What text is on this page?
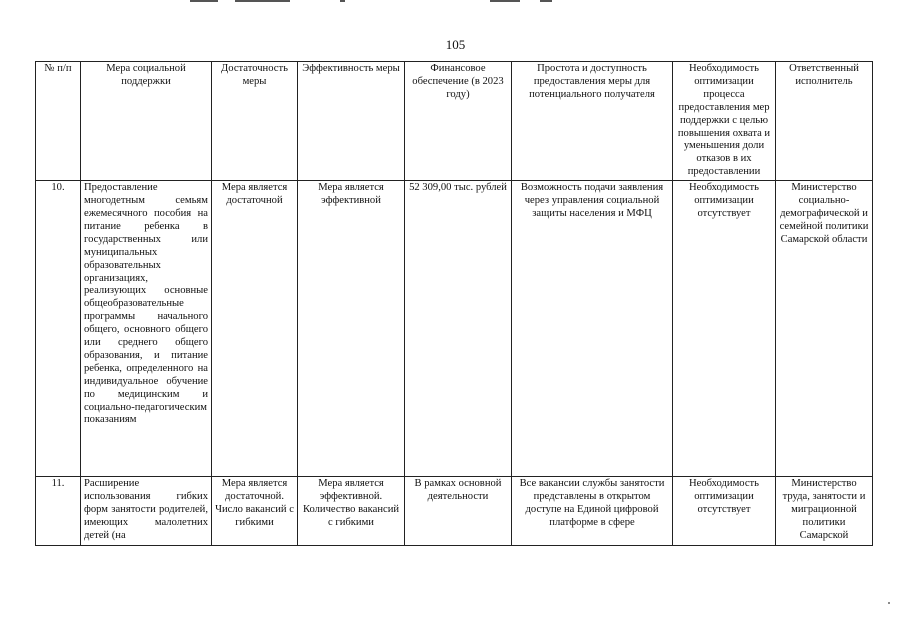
105
№ п/п	Мера социальной поддержки	Достаточность меры	Эффективность меры	Финансовое обеспечение (в 2023 году)	Простота и доступность предоставления меры для потенциального получателя	Необходимость оптимизации процесса предоставления мер поддержки с целью повышения охвата и уменьшения доли отказов в их предоставлении	Ответственный исполнитель
10.	Предоставление многодетным семьям ежемесячного пособия на питание ребенка в государственных или муниципальных образовательных организациях, реализующих основные общеобразовательные программы начального общего, основного общего или среднего общего образования, и питание ребенка, определенного на индивидуальное обучение по медицинским и социально-педагогическим показаниям	Мера является достаточной	Мера является эффективной	52 309,00 тыс. рублей	Возможность подачи заявления через управления социальной защиты населения и МФЦ	Необходимость оптимизации отсутствует	Министерство социально-демографической и семейной политики Самарской области

11.	Расширение использования гибких форм занятости родителей, имеющих малолетних детей (на	Мера является достаточной. Число вакансий с гибкими	Мера является эффективной. Количество вакансий с гибкими	В рамках основной деятельности	Все вакансии службы занятости представлены в открытом доступе на Единой цифровой платформе в сфере	Необходимость оптимизации отсутствует	Министерство труда, занятости и миграционной политики Самарской
